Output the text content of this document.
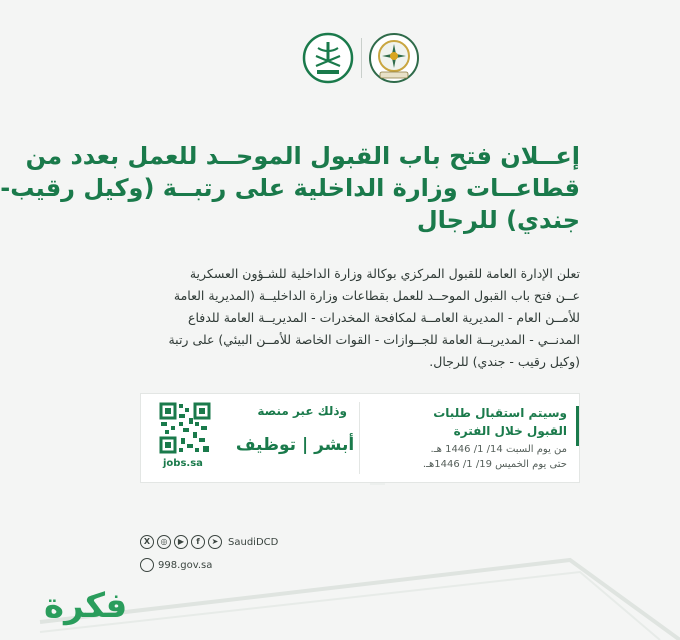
إعــلان فتح باب القبول الموحــد للعمل بعدد من
قطاعــات وزارة الداخلية على رتبــة (وكيل رقيب-
جندي) للرجال
تعلن الإدارة العامة للقبول المركزي بوكالة وزارة الداخلية للشـؤون العسكرية
عــن فتح باب القبول الموحــد للعمل بقطاعات وزارة الداخليــة (المديرية العامة
للأمــن العام - المديرية العامــة لمكافحة المخدرات - المديريــة العامة للدفاع
المدنــي - المديريــة العامة للجــوازات - القوات الخاصة للأمــن البيئي) على رتبة
(وكيل رقيب - جندي) للرجال.
وسيتم استقبال طلبات
القبول خلال الفترة
من يوم السبت 14/ 1/ 1446 هـ.
حتى يوم الخميس 19/ 1/ 1446هـ.
وذلك عبر منصة
أبشر | توظيف
jobs.sa
X	◎	▶	f	➤ SaudiDCD
998.gov.sa
فكرة
